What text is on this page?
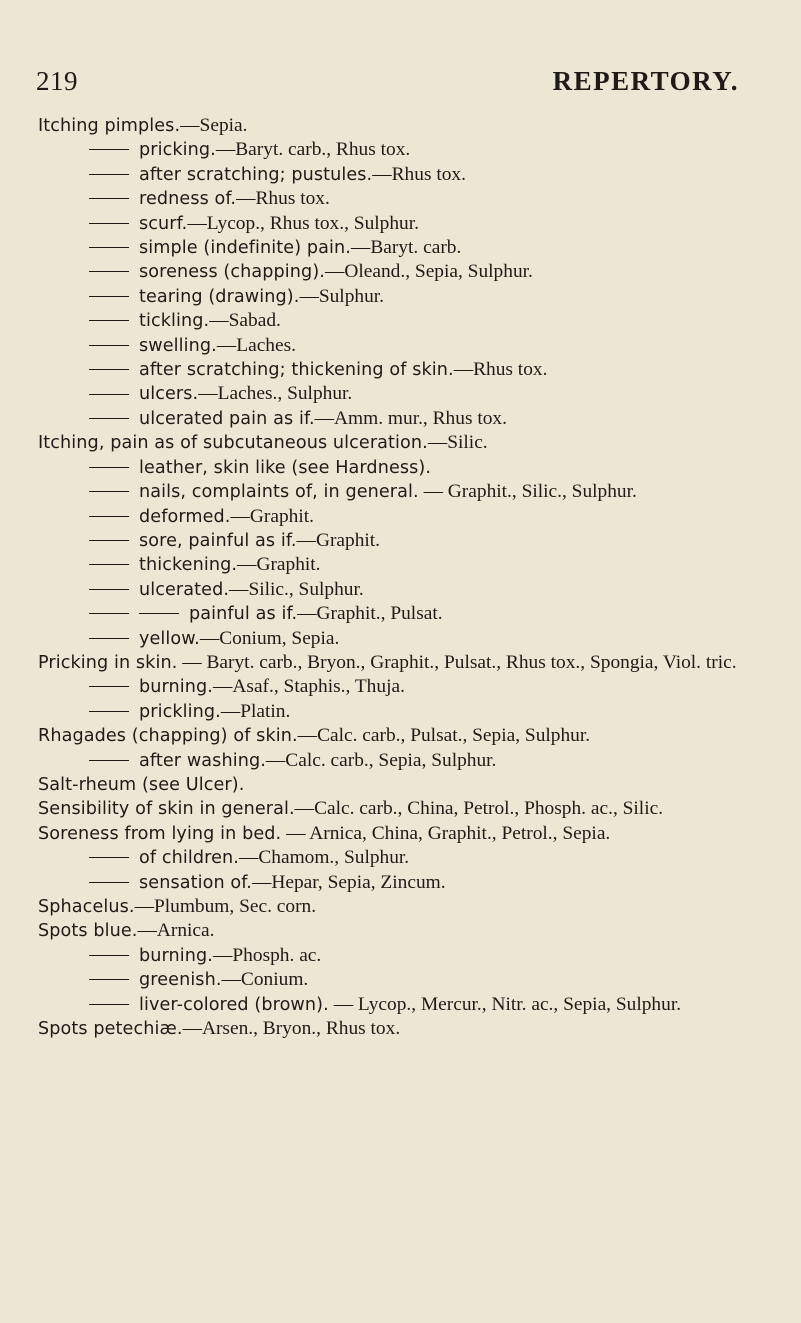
219	REPERTORY.
Itching pimples.—Sepia.
pricking.—Baryt. carb., Rhus tox.
after scratching; pustules.—Rhus tox.
redness of.—Rhus tox.
scurf.—Lycop., Rhus tox., Sulphur.
simple (indefinite) pain.—Baryt. carb.
soreness (chapping).—Oleand., Sepia, Sulphur.
tearing (drawing).—Sulphur.
tickling.—Sabad.
swelling.—Laches.
after scratching; thickening of skin.—Rhus tox.
ulcers.—Laches., Sulphur.
ulcerated pain as if.—Amm. mur., Rhus tox.
Itching, pain as of subcutaneous ulceration.—Silic.
leather, skin like (see Hardness).
nails, complaints of, in general. — Graphit., Silic., Sulphur.
deformed.—Graphit.
sore, painful as if.—Graphit.
thickening.—Graphit.
ulcerated.—Silic., Sulphur.
painful as if.—Graphit., Pulsat.
yellow.—Conium, Sepia.
Pricking in skin. — Baryt. carb., Bryon., Graphit., Pulsat., Rhus tox., Spongia, Viol. tric.
burning.—Asaf., Staphis., Thuja.
prickling.—Platin.
Rhagades (chapping) of skin.—Calc. carb., Pulsat., Sepia, Sulphur.
after washing.—Calc. carb., Sepia, Sulphur.
Salt-rheum (see Ulcer).
Sensibility of skin in general.—Calc. carb., China, Petrol., Phosph. ac., Silic.
Soreness from lying in bed. — Arnica, China, Graphit., Petrol., Sepia.
of children.—Chamom., Sulphur.
sensation of.—Hepar, Sepia, Zincum.
Sphacelus.—Plumbum, Sec. corn.
Spots blue.—Arnica.
burning.—Phosph. ac.
greenish.—Conium.
liver-colored (brown). — Lycop., Mercur., Nitr. ac., Sepia, Sulphur.
Spots petechiæ.—Arsen., Bryon., Rhus tox.
